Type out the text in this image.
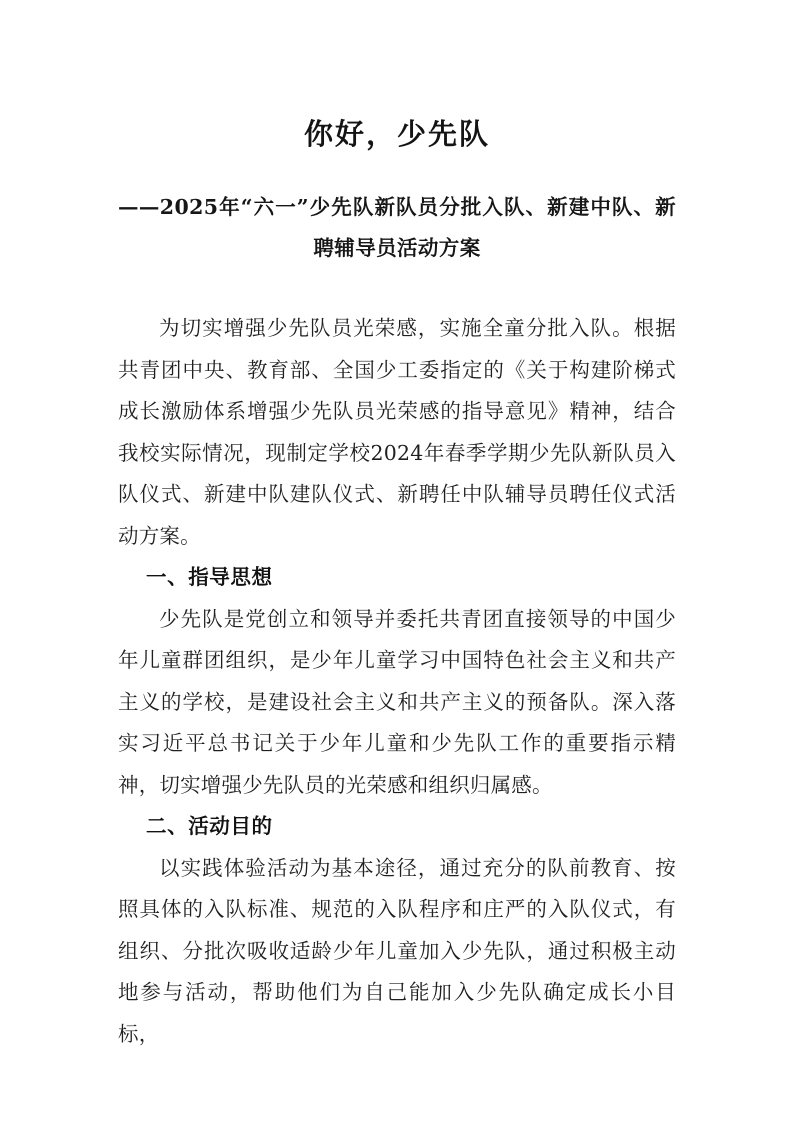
你好，少先队

——2025年“六一”少先队新队员分批入队、新建中队、新聘辅导员活动方案

为切实增强少先队员光荣感，实施全童分批入队。根据共青团中央、教育部、全国少工委指定的《关于构建阶梯式成长激励体系增强少先队员光荣感的指导意见》精神，结合我校实际情况，现制定学校2024年春季学期少先队新队员入队仪式、新建中队建队仪式、新聘任中队辅导员聘任仪式活动方案。

一、指导思想

少先队是党创立和领导并委托共青团直接领导的中国少年儿童群团组织，是少年儿童学习中国特色社会主义和共产主义的学校，是建设社会主义和共产主义的预备队。深入落实习近平总书记关于少年儿童和少先队工作的重要指示精神，切实增强少先队员的光荣感和组织归属感。

二、活动目的

以实践体验活动为基本途径，通过充分的队前教育、按照具体的入队标准、规范的入队程序和庄严的入队仪式，有组织、分批次吸收适龄少年儿童加入少先队，通过积极主动地参与活动，帮助他们为自己能加入少先队确定成长小目标，
